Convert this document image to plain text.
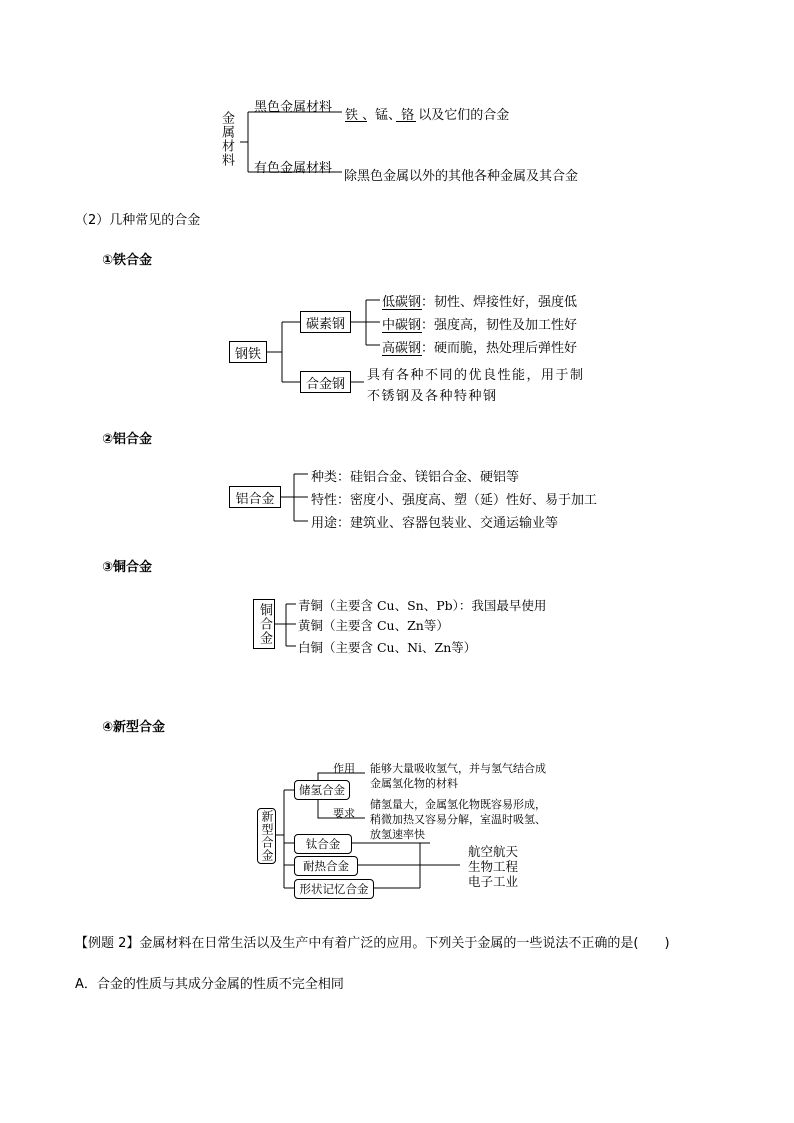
金属材料
黑色金属材料
铁 、锰、铬 以及它们的合金
有色金属材料
除黑色金属以外的其他各种金属及其合金
（2）几种常见的合金
①铁合金
钢铁
碳素钢
合金钢
低碳钢：韧性、焊接性好，强度低
中碳钢：强度高，韧性及加工性好
高碳钢：硬而脆，热处理后弹性好
具有各种不同的优良性能，用于制
不锈钢及各种特种钢
②铝合金
铝合金
种类：硅铝合金、镁铝合金、硬铝等
特性：密度小、强度高、塑（延）性好、易于加工
用途：建筑业、容器包装业、交通运输业等
③铜合金
铜合金 青铜（主要含 Cu、Sn、Pb）：我国最早使用
黄铜（主要含 Cu、Zn等）
白铜（主要含 Cu、Ni、Zn等）
④新型合金
新型合金
储氢合金
作用 能够大量吸收氢气，并与氢气结合成
金属氢化物的材料
要求
储氢量大，金属氢化物既容易形成，
稍微加热又容易分解，室温时吸氢、
放氢速率快
钛合金
耐热合金
形状记忆合金
航空航天
生物工程
电子工业
【例题 2】金属材料在日常生活以及生产中有着广泛的应用。下列关于金属的一些说法不正确的是(　　)
A．合金的性质与其成分金属的性质不完全相同
